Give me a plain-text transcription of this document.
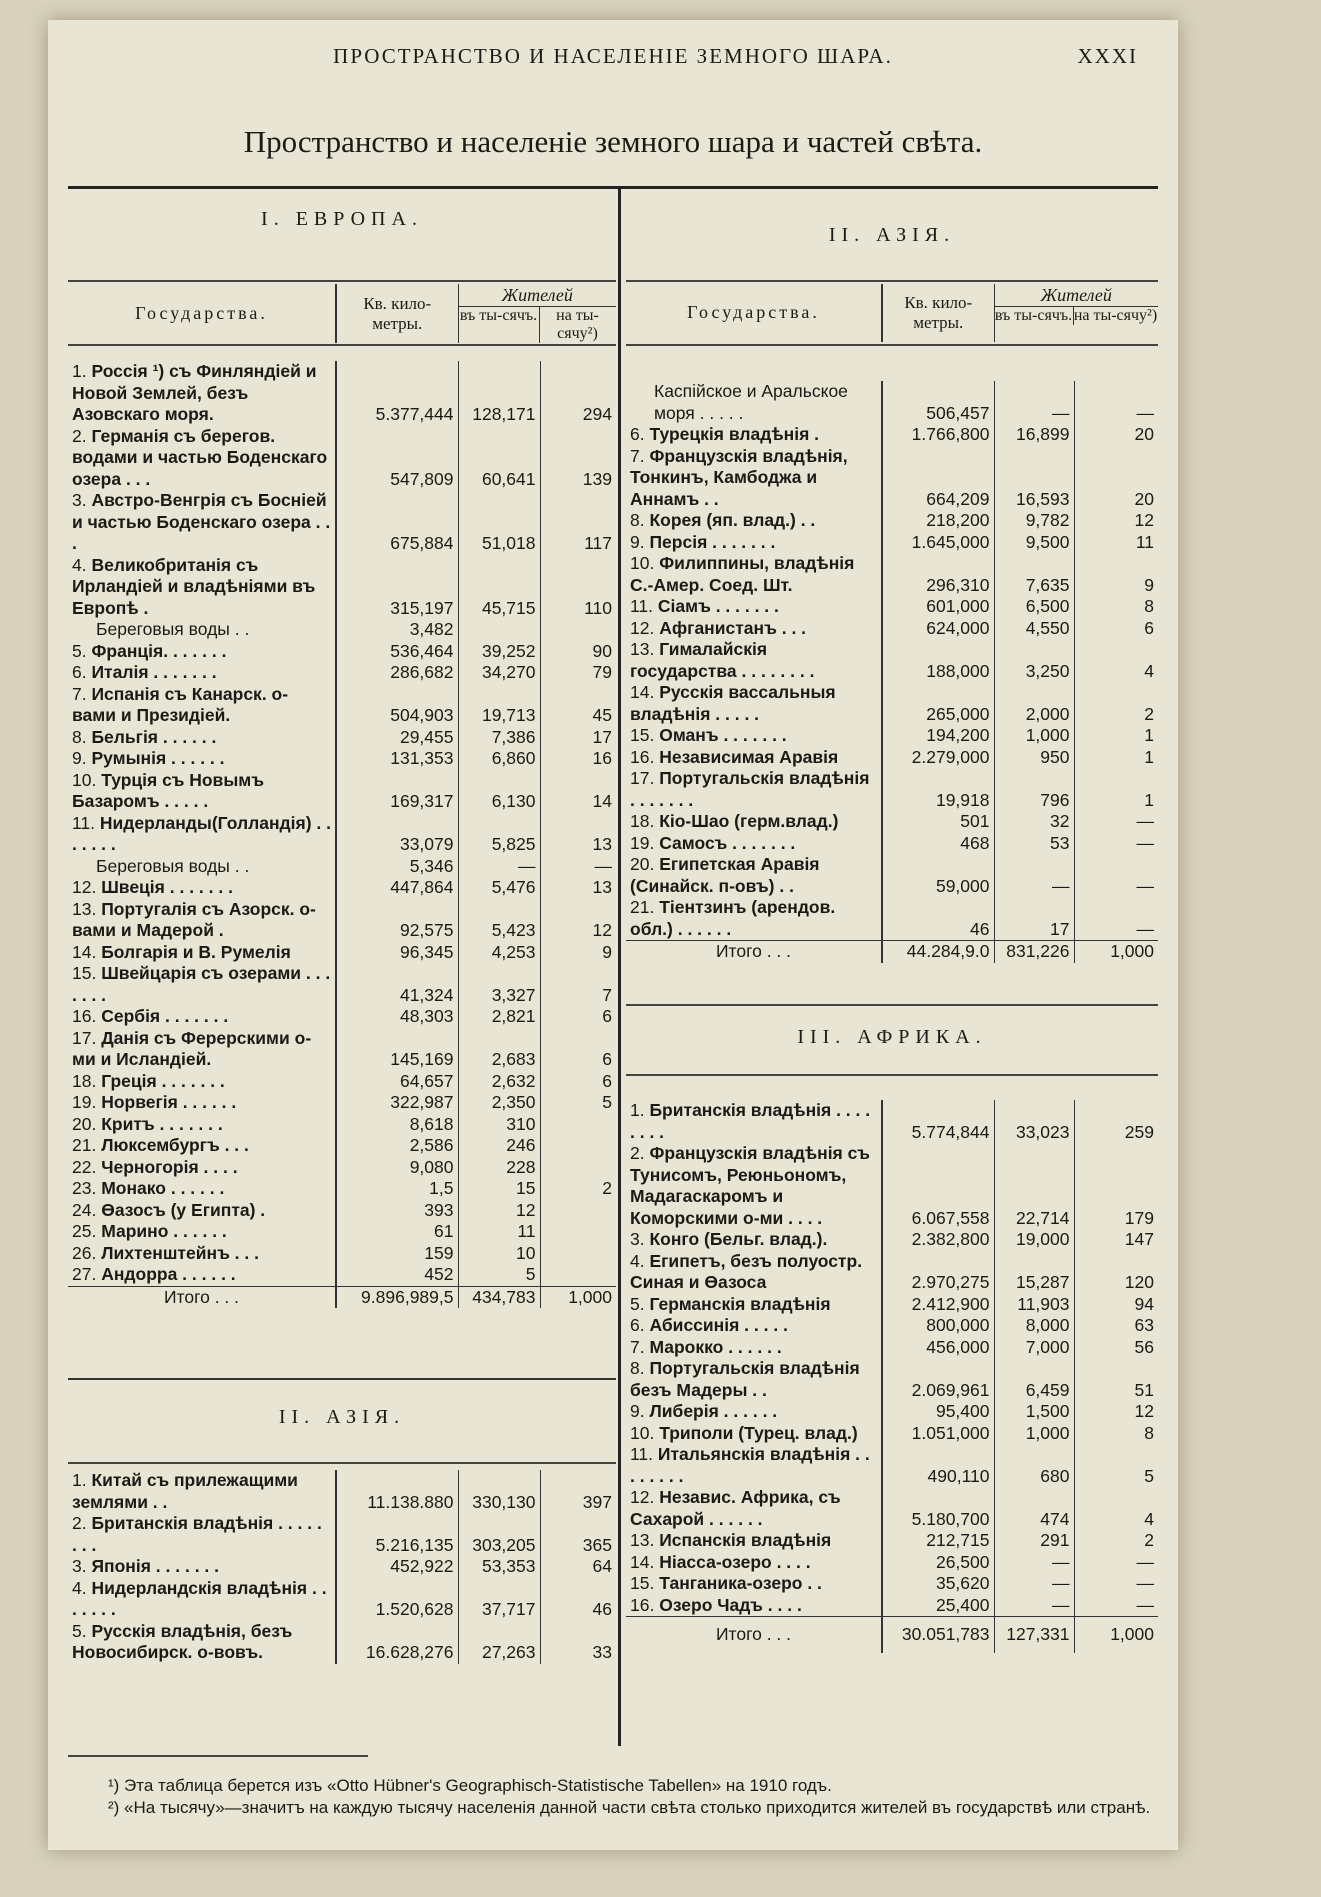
ПРОСТРАНСТВО И НАСЕЛЕНІЕ ЗЕМНОГО ШАРА.	XXXI
Пространство и населеніе земного шара и частей свѣта.
I. ЕВРОПА.
Государства.	Кв. кило-метры.	
Жителей
въ ты-сячъ.	на ты-сячу²)
1. Россія ¹) съ Финляндіей и Новой Землей, безъ Азовскаго моря.	5.377,444	128,171	294
2. Германія съ берегов. водами и частью Боденскаго озера . . .	547,809	60,641	139
3. Австро-Венгрія съ Босніей и частью Боденскаго озера . . .	675,884	51,018	117
4. Великобританія съ Ирландіей и владѣніями въ Европѣ .	315,197	45,715	110
Береговыя воды . .	3,482		
5. Франція. . . . . . .	536,464	39,252	90
6. Италія . . . . . . .	286,682	34,270	79
7. Испанія съ Канарск. о-вами и Президіей.	504,903	19,713	45
8. Бельгія . . . . . .	29,455	7,386	17
9. Румынія . . . . . .	131,353	6,860	16
10. Турція съ Новымъ Базаромъ . . . . .	169,317	6,130	14
11. Нидерланды(Голландія) . . . . . . .	33,079	5,825	13
Береговыя воды . .	5,346	—	—
12. Швеція . . . . . . .	447,864	5,476	13
13. Португалія съ Азорск. о-вами и Мадерой .	92,575	5,423	12
14. Болгарія и В. Румелія	96,345	4,253	9
15. Швейцарія съ озерами . . . . . . .	41,324	3,327	7
16. Сербія . . . . . . .	48,303	2,821	6
17. Данія съ Ферерскими о-ми и Исландіей.	145,169	2,683	6
18. Греція . . . . . . .	64,657	2,632	6
19. Норвегія . . . . . .	322,987	2,350	5
20. Критъ . . . . . . .	8,618	310	
21. Люксембургъ . . .	2,586	246	
22. Черногорія . . . .	9,080	228	
23. Монако . . . . . .	1,5	15	2
24. Өазосъ (у Египта) .	393	12	
25. Марино . . . . . .	61	11	
26. Лихтенштейнъ . . .	159	10	
27. Андорра . . . . . .	452	5	
Итого . . .	9.896,989,5	434,783	1,000
II. АЗІЯ.
1. Китай съ прилежащими землями . .	11.138.880	330,130	397
2. Британскія владѣнія . . . . . . . .	5.216,135	303,205	365
3. Японія . . . . . . .	452,922	53,353	64
4. Нидерландскія владѣнія . . . . . . .	1.520,628	37,717	46
5. Русскія владѣнія, безъ Новосибирск. о-вовъ.	16.628,276	27,263	33
II. АЗІЯ.
Государства.	Кв. кило-метры.	
Жителей
въ ты-сячъ. на ты-сячу²)
Каспійское и Аральское моря . . . . .	506,457	—	—
6. Турецкія владѣнія .	1.766,800	16,899	20
7. Французскія владѣнія, Тонкинъ, Камбоджа и Аннамъ . .	664,209	16,593	20
8. Корея (яп. влад.) . .	218,200	9,782	12
9. Персія . . . . . . .	1.645,000	9,500	11
10. Филиппины, владѣнія С.-Амер. Соед. Шт.	296,310	7,635	9
11. Сіамъ . . . . . . .	601,000	6,500	8
12. Афганистанъ . . .	624,000	4,550	6
13. Гималайскія государства . . . . . . . .	188,000	3,250	4
14. Русскія вассальныя владѣнія . . . . .	265,000	2,000	2
15. Оманъ . . . . . . .	194,200	1,000	1
16. Независимая Аравія	2.279,000	950	1
17. Португальскія владѣнія . . . . . . .	19,918	796	1
18. Кіо-Шао (герм.влад.)	501	32	—
19. Самосъ . . . . . . .	468	53	—
20. Египетская Аравія (Синайск. п-овъ) . .	59,000	—	—
21. Тіентзинъ (арендов. обл.) . . . . . .	46	17	—
Итого . . .	44.284,9.0	831,226	1,000
III. АФРИКА.
1. Британскія владѣнія . . . . . . . .	5.774,844	33,023	259
2. Французскія владѣнія съ Тунисомъ, Реюньономъ, Мадагаскаромъ и Коморскими о-ми . . . .	6.067,558	22,714	179
3. Конго (Бельг. влад.).	2.382,800	19,000	147
4. Египетъ, безъ полуостр. Синая и Өазоса	2.970,275	15,287	120
5. Германскія владѣнія	2.412,900	11,903	94
6. Абиссинія . . . . .	800,000	8,000	63
7. Марокко . . . . . .	456,000	7,000	56
8. Португальскія владѣнія безъ Мадеры . .	2.069,961	6,459	51
9. Либерія . . . . . .	95,400	1,500	12
10. Триполи (Турец. влад.)	1.051,000	1,000	8
11. Итальянскія владѣнія . . . . . . . .	490,110	680	5
12. Независ. Африка, съ Сахарой . . . . . .	5.180,700	474	4
13. Испанскія владѣнія	212,715	291	2
14. Ніасса-озеро . . . .	26,500	—	—
15. Танганика-озеро . .	35,620	—	—
16. Озеро Чадъ . . . .	25,400	—	—
Итого . . .	30.051,783	127,331	1,000

¹) Эта таблица берется изъ «Otto Hübner's Geographisch-Statistische Tabellen» на 1910 годъ.

²) «На тысячу»—значитъ на каждую тысячу населенія данной части свѣта столько приходится жителей въ государствѣ или странѣ.
